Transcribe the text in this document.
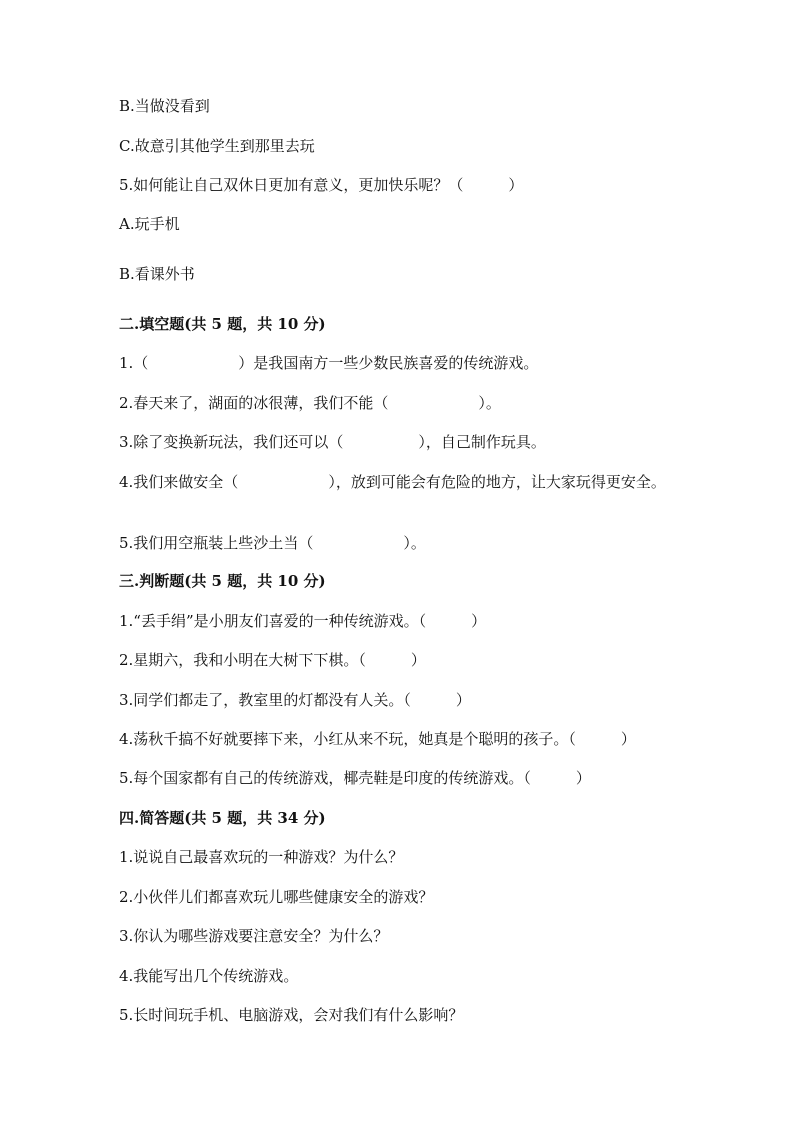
B.当做没看到
C.故意引其他学生到那里去玩
5.如何能让自己双休日更加有意义，更加快乐呢？（　　　）
A.玩手机
B.看课外书
二.填空题(共 5 题，共 10 分)
1.（　　　　　　）是我国南方一些少数民族喜爱的传统游戏。
2.春天来了，湖面的冰很薄，我们不能（　　　　　　）。
3.除了变换新玩法，我们还可以（　　　　　），自己制作玩具。
4.我们来做安全（　　　　　　），放到可能会有危险的地方，让大家玩得更安全。
5.我们用空瓶装上些沙土当（　　　　　　）。
三.判断题(共 5 题，共 10 分)
1.“丢手绢”是小朋友们喜爱的一种传统游戏。（　　　）
2.星期六，我和小明在大树下下棋。（　　　）
3.同学们都走了，教室里的灯都没有人关。（　　　）
4.荡秋千搞不好就要摔下来，小红从来不玩，她真是个聪明的孩子。（　　　）
5.每个国家都有自己的传统游戏，椰壳鞋是印度的传统游戏。（　　　）
四.简答题(共 5 题，共 34 分)
1.说说自己最喜欢玩的一种游戏？为什么？
2.小伙伴儿们都喜欢玩儿哪些健康安全的游戏？
3.你认为哪些游戏要注意安全？为什么？
4.我能写出几个传统游戏。
5.长时间玩手机、电脑游戏，会对我们有什么影响？
